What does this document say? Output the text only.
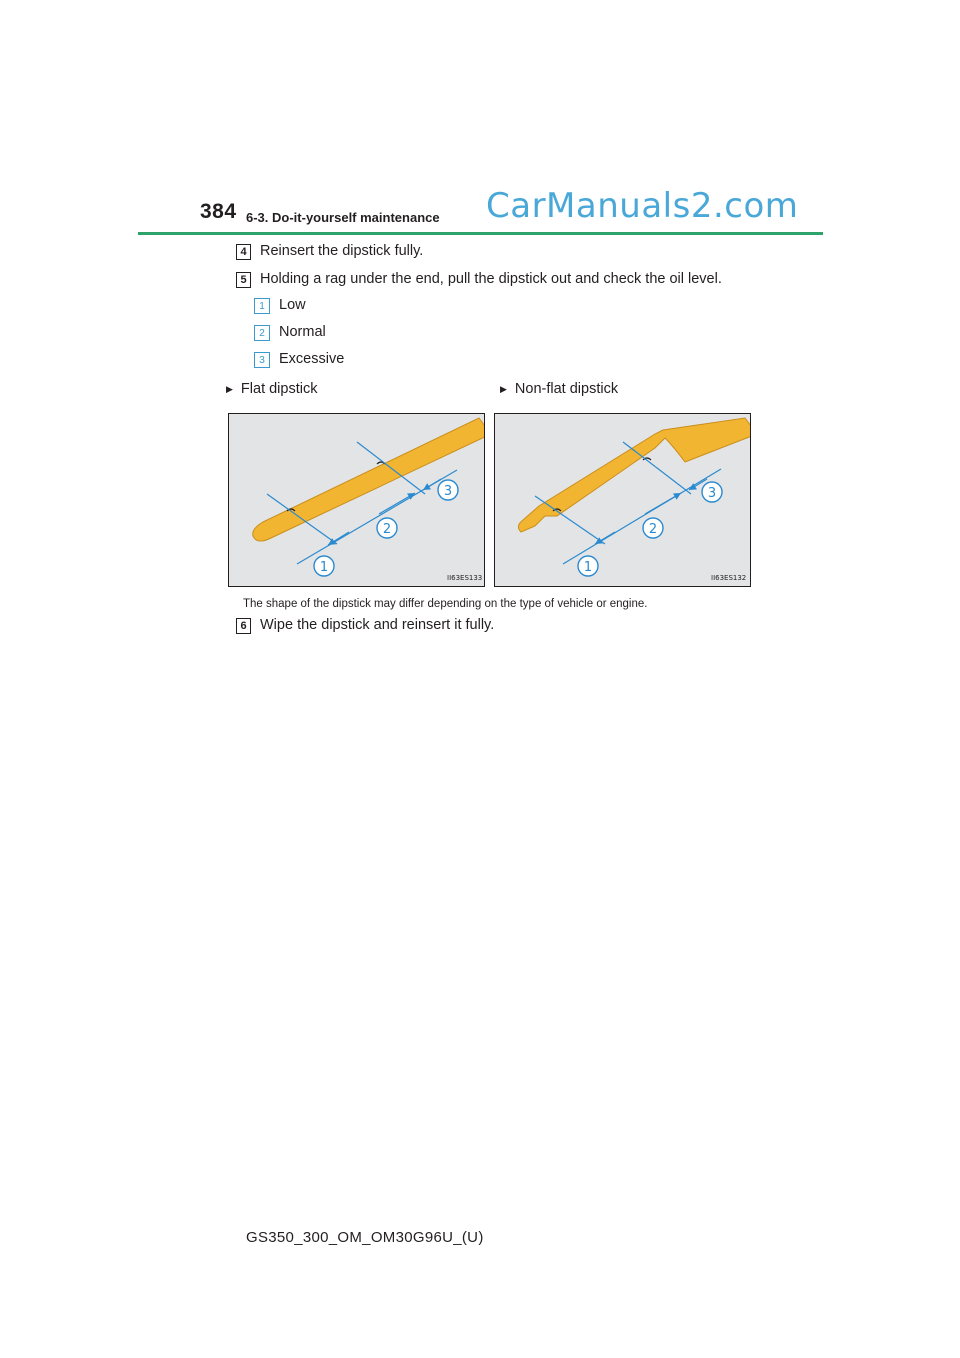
384 6-3. Do-it-yourself maintenance CarManuals2.com
4 Reinsert the dipstick fully.
5 Holding a rag under the end, pull the dipstick out and check the oil level.
1 Low
2 Normal
3 Excessive
▶ Flat dipstick	▶ Non-flat dipstick
1
2
3
II63ES133
1
2
3
II63ES132
The shape of the dipstick may differ depending on the type of vehicle or engine.
6 Wipe the dipstick and reinsert it fully.
GS350_300_OM_OM30G96U_(U)
